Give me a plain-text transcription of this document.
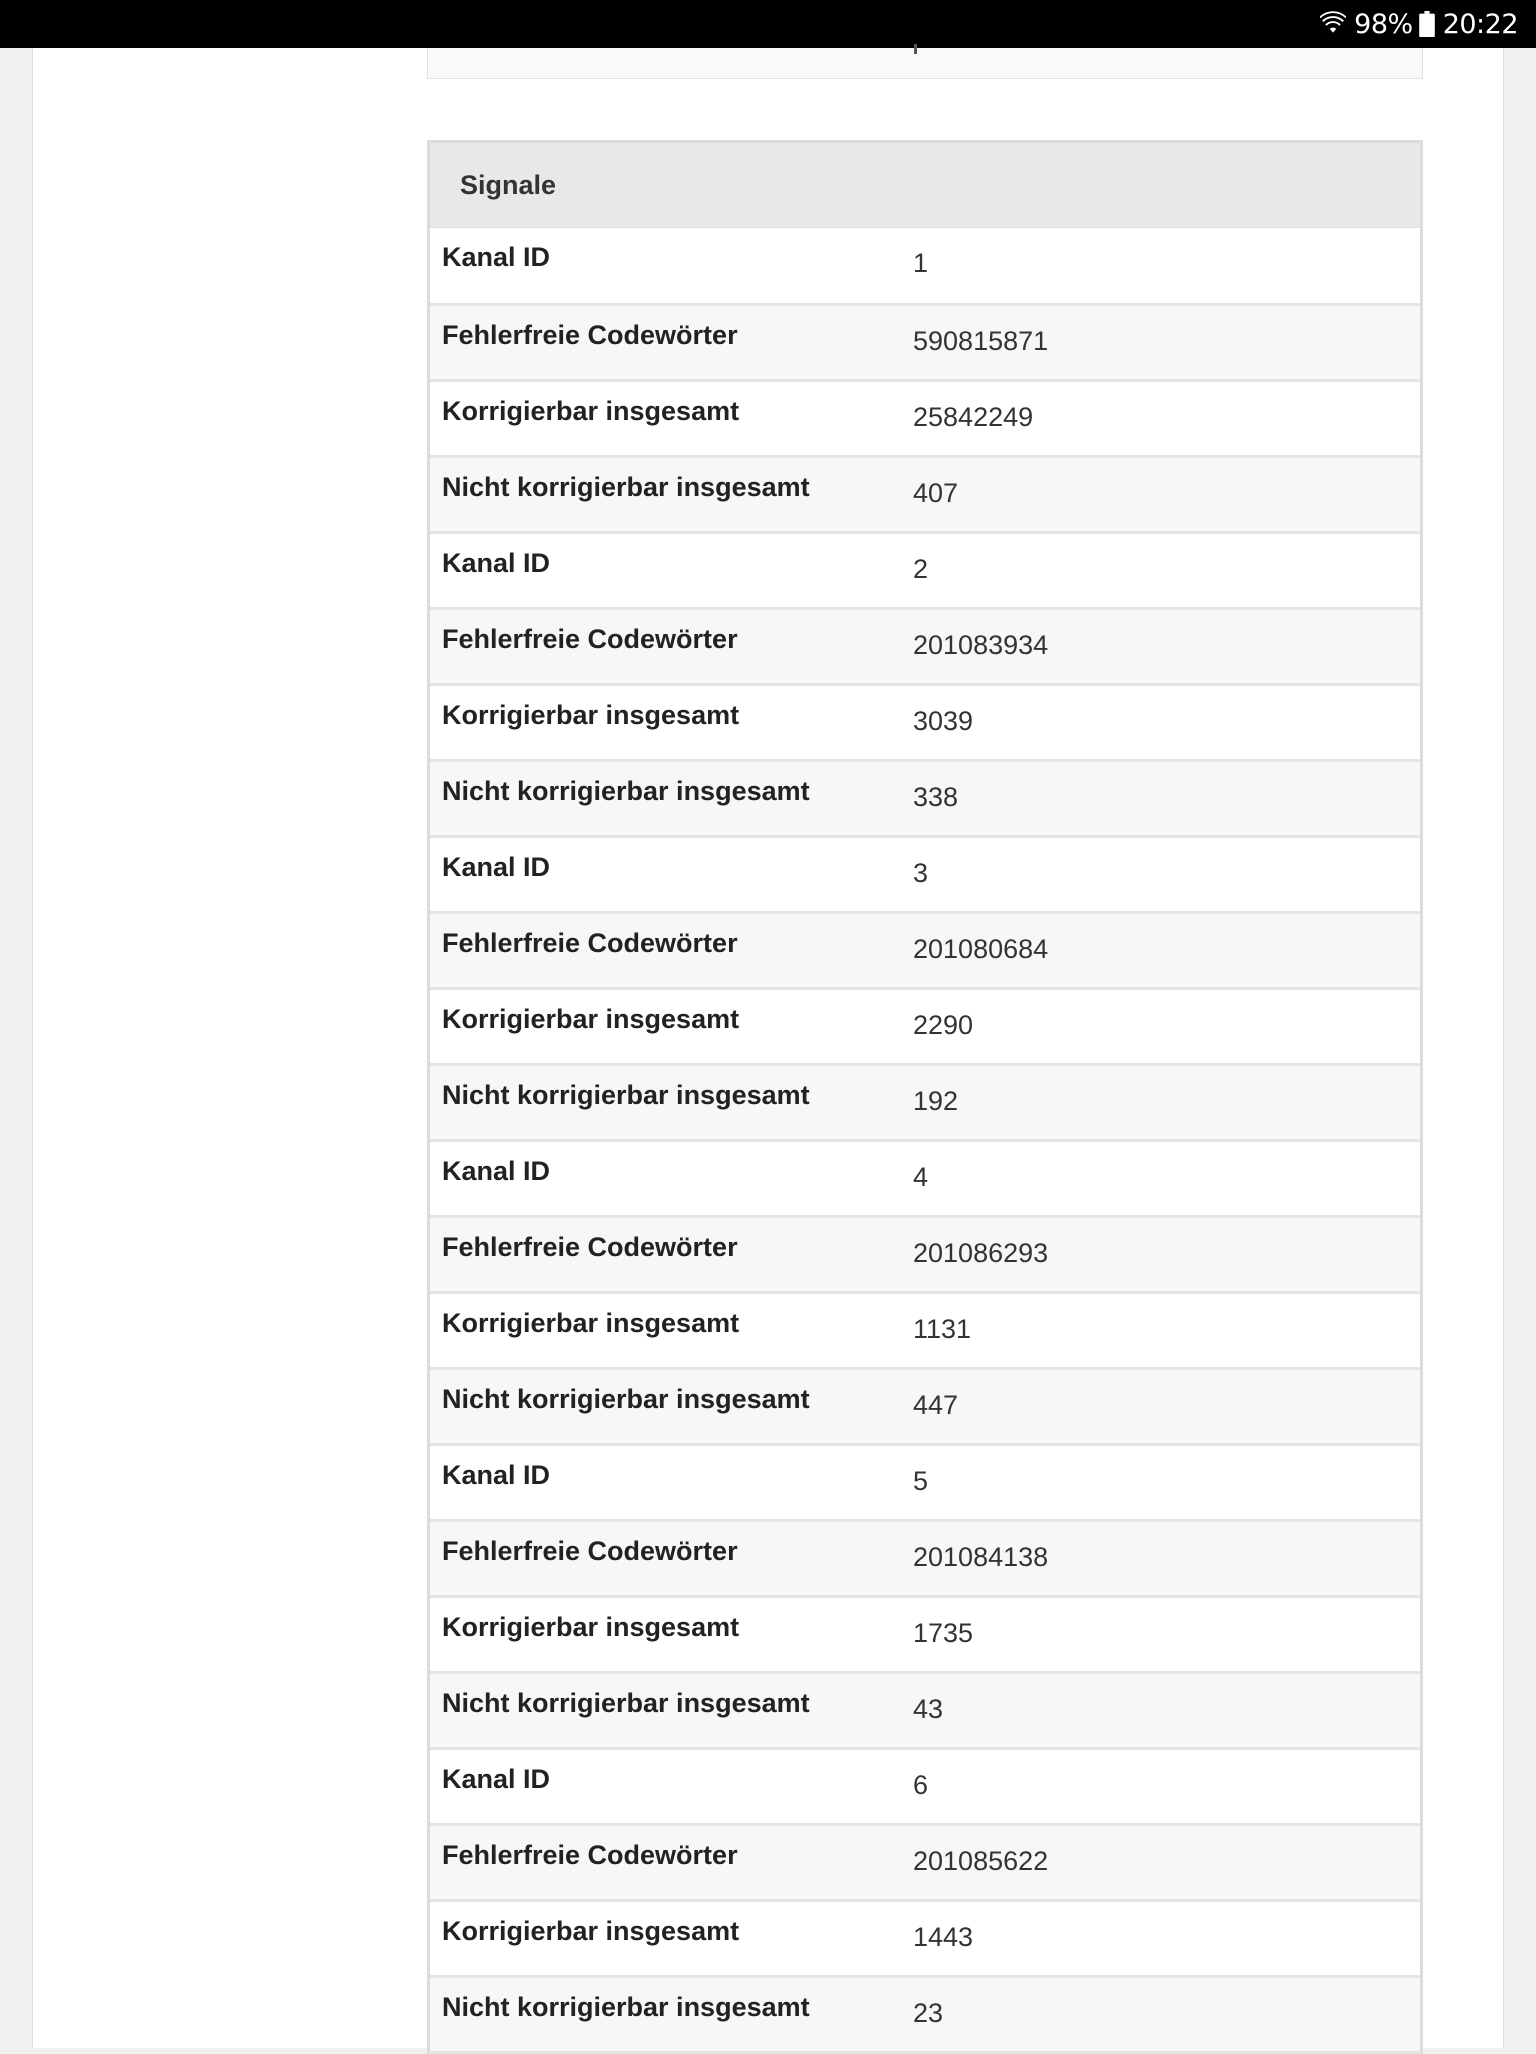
98% 20:22
Signale
Kanal ID	1
Fehlerfreie Codewörter	590815871
Korrigierbar insgesamt	25842249
Nicht korrigierbar insgesamt	407
Kanal ID	2
Fehlerfreie Codewörter	201083934
Korrigierbar insgesamt	3039
Nicht korrigierbar insgesamt	338
Kanal ID	3
Fehlerfreie Codewörter	201080684
Korrigierbar insgesamt	2290
Nicht korrigierbar insgesamt	192
Kanal ID	4
Fehlerfreie Codewörter	201086293
Korrigierbar insgesamt	1131
Nicht korrigierbar insgesamt	447
Kanal ID	5
Fehlerfreie Codewörter	201084138
Korrigierbar insgesamt	1735
Nicht korrigierbar insgesamt	43
Kanal ID	6
Fehlerfreie Codewörter	201085622
Korrigierbar insgesamt	1443
Nicht korrigierbar insgesamt	23
